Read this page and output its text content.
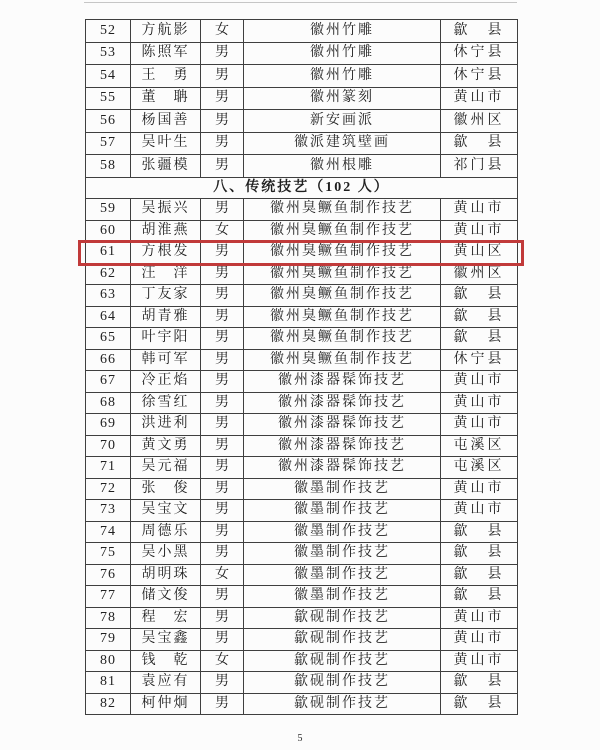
52	方航影	女	徽州竹雕	歙　县
53	陈照军	男	徽州竹雕	休宁县
54	王　勇	男	徽州竹雕	休宁县
55	董　聃	男	徽州篆刻	黄山市
56	杨国善	男	新安画派	徽州区
57	吴叶生	男	徽派建筑壁画	歙　县
58	张疆模	男	徽州根雕	祁门县
八、传统技艺（102 人）				
59	吴振兴	男	徽州臭鳜鱼制作技艺	黄山市
60	胡淮燕	女	徽州臭鳜鱼制作技艺	黄山市
61	方根发	男	徽州臭鳜鱼制作技艺	黄山区
62	汪　洋	男	徽州臭鳜鱼制作技艺	徽州区
63	丁友家	男	徽州臭鳜鱼制作技艺	歙　县
64	胡青雅	男	徽州臭鳜鱼制作技艺	歙　县
65	叶宇阳	男	徽州臭鳜鱼制作技艺	歙　县
66	韩可军	男	徽州臭鳜鱼制作技艺	休宁县
67	冷正焰	男	徽州漆器髹饰技艺	黄山市
68	徐雪红	男	徽州漆器髹饰技艺	黄山市
69	洪进利	男	徽州漆器髹饰技艺	黄山市
70	黄文勇	男	徽州漆器髹饰技艺	屯溪区
71	吴元福	男	徽州漆器髹饰技艺	屯溪区
72	张　俊	男	徽墨制作技艺	黄山市
73	吴宝文	男	徽墨制作技艺	黄山市
74	周德乐	男	徽墨制作技艺	歙　县
75	吴小黑	男	徽墨制作技艺	歙　县
76	胡明珠	女	徽墨制作技艺	歙　县
77	储文俊	男	徽墨制作技艺	歙　县
78	程　宏	男	歙砚制作技艺	黄山市
79	吴宝鑫	男	歙砚制作技艺	黄山市
80	钱　乾	女	歙砚制作技艺	黄山市
81	袁应有	男	歙砚制作技艺	歙　县
82	柯仲炯	男	歙砚制作技艺	歙　县
5
